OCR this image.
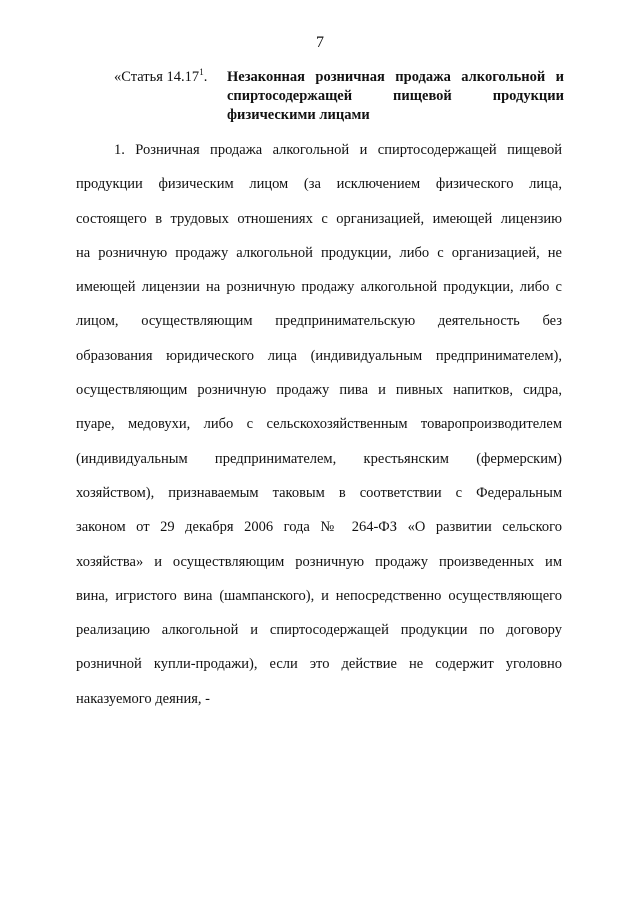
7
«Статья 14.17$^1$.	Незаконная розничная продажа алкогольной и
спиртосодержащей пищевой продукции
физическими лицами
1. Розничная продажа алкогольной и спиртосодержащей пищевой
продукции физическим лицом (за исключением физического лица,
состоящего в трудовых отношениях с организацией, имеющей лицензию
на розничную продажу алкогольной продукции, либо с организацией, не
имеющей лицензии на розничную продажу алкогольной продукции, либо с
лицом, осуществляющим предпринимательскую деятельность без
образования юридического лица (индивидуальным предпринимателем),
осуществляющим розничную продажу пива и пивных напитков, сидра,
пуаре, медовухи, либо с сельскохозяйственным товаропроизводителем
(индивидуальным предпринимателем, крестьянским (фермерским)
хозяйством), признаваемым таковым в соответствии с Федеральным
законом от 29 декабря 2006 года № 264-ФЗ «О развитии сельского
хозяйства» и осуществляющим розничную продажу произведенных им
вина, игристого вина (шампанского), и непосредственно осуществляющего
реализацию алкогольной и спиртосодержащей продукции по договору
розничной купли-продажи), если это действие не содержит уголовно
наказуемого деяния, -
